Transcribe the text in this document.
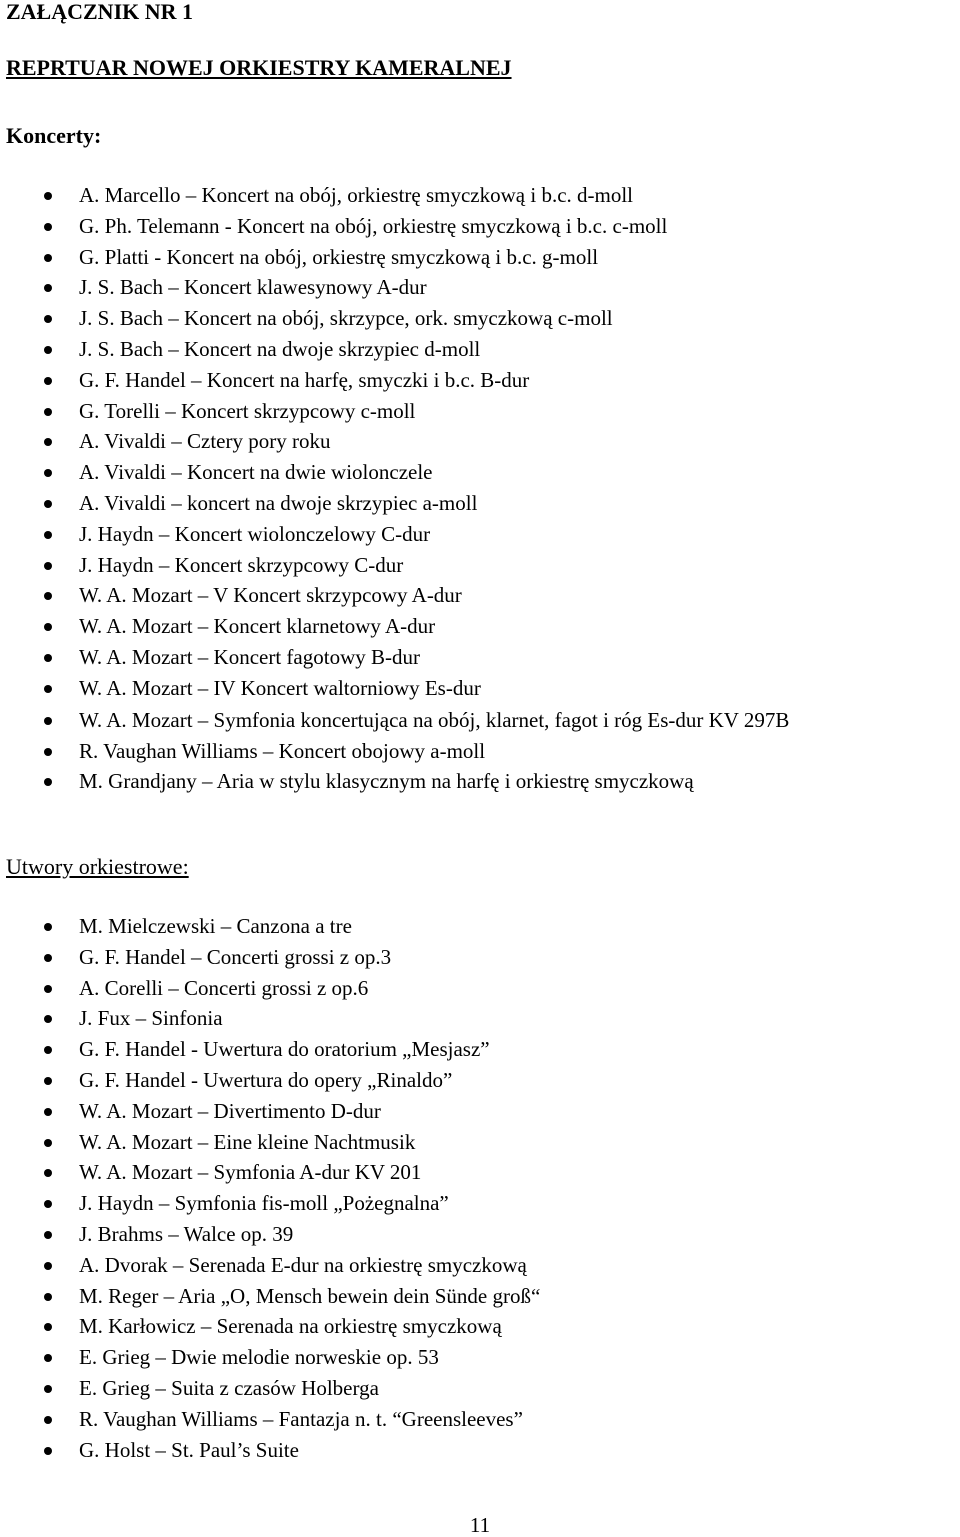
ZAŁĄCZNIK NR 1
REPRTUAR NOWEJ ORKIESTRY KAMERALNEJ
Koncerty:
A. Marcello – Koncert na obój, orkiestrę smyczkową i b.c. d-moll
G. Ph. Telemann - Koncert na obój, orkiestrę smyczkową i b.c. c-moll
G. Platti - Koncert na obój, orkiestrę smyczkową i b.c. g-moll
J. S. Bach – Koncert klawesynowy A-dur
J. S. Bach – Koncert na obój, skrzypce, ork. smyczkową c-moll
J. S. Bach – Koncert na dwoje skrzypiec d-moll
G. F. Handel – Koncert na harfę, smyczki i b.c. B-dur
G. Torelli – Koncert skrzypcowy c-moll
A. Vivaldi – Cztery pory roku
A. Vivaldi – Koncert na dwie wiolonczele
A. Vivaldi – koncert na dwoje skrzypiec a-moll
J. Haydn – Koncert wiolonczelowy C-dur
J. Haydn – Koncert skrzypcowy C-dur
W. A. Mozart – V Koncert skrzypcowy A-dur
W. A. Mozart – Koncert klarnetowy A-dur
W. A. Mozart – Koncert fagotowy B-dur
W. A. Mozart – IV Koncert waltorniowy Es-dur
W. A. Mozart – Symfonia koncertująca na obój, klarnet, fagot i róg Es-dur KV 297B
R. Vaughan Williams – Koncert obojowy a-moll
M. Grandjany – Aria w stylu klasycznym na harfę i orkiestrę smyczkową
Utwory orkiestrowe:
M. Mielczewski – Canzona a tre
G. F. Handel – Concerti grossi z op.3
A. Corelli – Concerti grossi z op.6
J. Fux – Sinfonia
G. F. Handel - Uwertura do oratorium „Mesjasz”
G. F. Handel - Uwertura do opery „Rinaldo”
W. A. Mozart – Divertimento D-dur
W. A. Mozart – Eine kleine Nachtmusik
W. A. Mozart – Symfonia A-dur KV 201
J. Haydn – Symfonia fis-moll „Pożegnalna”
J. Brahms – Walce op. 39
A. Dvorak – Serenada E-dur na orkiestrę smyczkową
M. Reger – Aria „O, Mensch bewein dein Sünde groß“
M. Karłowicz – Serenada na orkiestrę smyczkową
E. Grieg – Dwie melodie norweskie op. 53
E. Grieg – Suita z czasów Holberga
R. Vaughan Williams – Fantazja n. t. “Greensleeves”
G. Holst – St. Paul’s Suite
11
